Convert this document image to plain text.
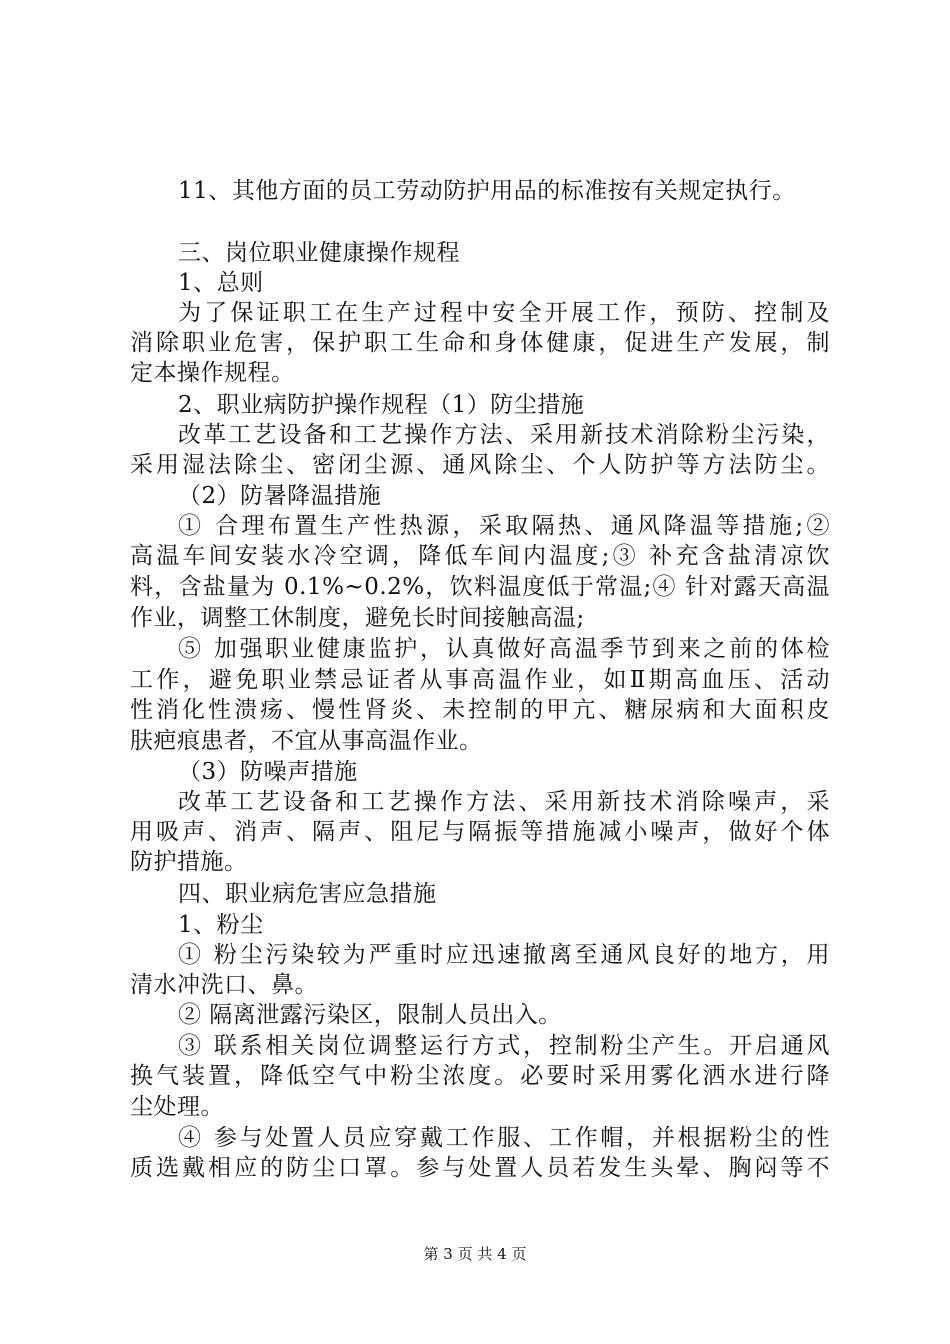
11、其他方面的员工劳动防护用品的标准按有关规定执行。
三、岗位职业健康操作规程
1、总则
为了保证职工在生产过程中安全开展工作，预防、控制及
消除职业危害，保护职工生命和身体健康，促进生产发展，制
定本操作规程。
2、职业病防护操作规程（1）防尘措施
改革工艺设备和工艺操作方法、采用新技术消除粉尘污染，
采用湿法除尘、密闭尘源、通风除尘、个人防护等方法防尘。
（2）防暑降温措施
① 合理布置生产性热源，采取隔热、通风降温等措施;②
高温车间安装水冷空调，降低车间内温度;③ 补充含盐清凉饮
料，含盐量为 0.1%~0.2%，饮料温度低于常温;④ 针对露天高温
作业，调整工休制度，避免长时间接触高温;
⑤ 加强职业健康监护，认真做好高温季节到来之前的体检
工作，避免职业禁忌证者从事高温作业，如Ⅱ期高血压、活动
性消化性溃疡、慢性肾炎、未控制的甲亢、糖尿病和大面积皮
肤疤痕患者，不宜从事高温作业。
（3）防噪声措施
改革工艺设备和工艺操作方法、采用新技术消除噪声，采
用吸声、消声、隔声、阻尼与隔振等措施减小噪声，做好个体
防护措施。
四、职业病危害应急措施
1、粉尘
① 粉尘污染较为严重时应迅速撤离至通风良好的地方，用
清水冲洗口、鼻。
② 隔离泄露污染区，限制人员出入。
③ 联系相关岗位调整运行方式，控制粉尘产生。开启通风
换气装置，降低空气中粉尘浓度。必要时采用雾化洒水进行降
尘处理。
④ 参与处置人员应穿戴工作服、工作帽，并根据粉尘的性
质选戴相应的防尘口罩。参与处置人员若发生头晕、胸闷等不
第 3 页 共 4 页
